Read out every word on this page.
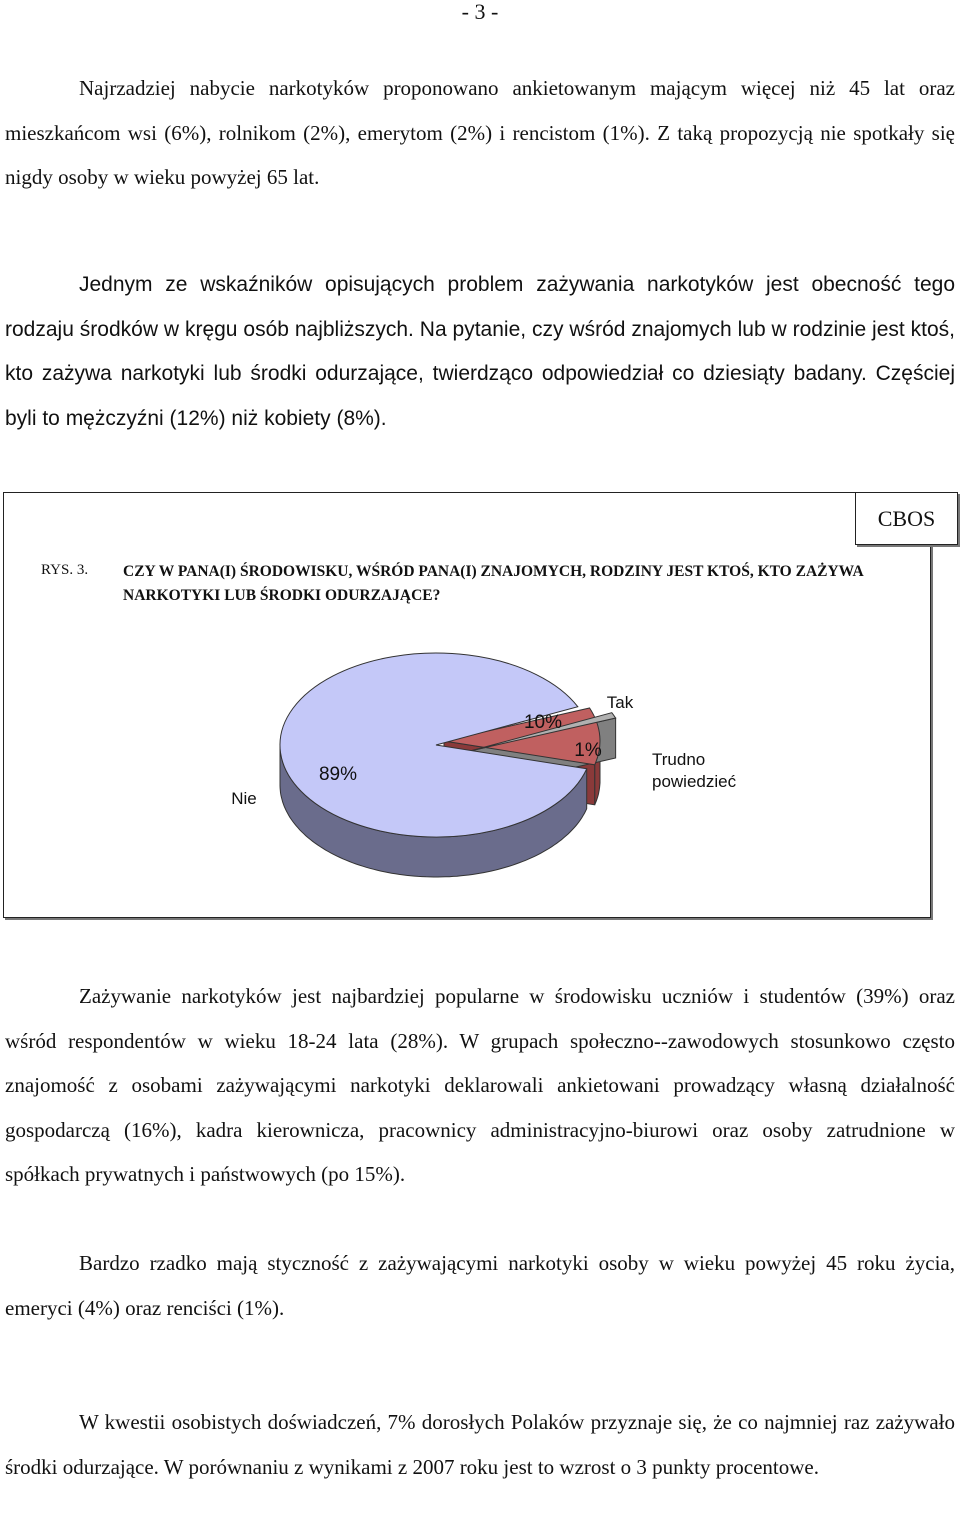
- 3 -

Najrzadziej nabycie narkotyków proponowano ankietowanym mającym więcej niż 45 lat oraz mieszkańcom wsi (6%), rolnikom (2%), emerytom (2%) i rencistom (1%). Z taką propozycją nie spotkały się nigdy osoby w wieku powyżej 65 lat.

Jednym ze wskaźników opisujących problem zażywania narkotyków jest obecność tego rodzaju środków w kręgu osób najbliższych. Na pytanie, czy wśród znajomych lub w rodzinie jest ktoś, kto zażywa narkotyki lub środki odurzające, twierdząco odpowiedział co dziesiąty badany. Częściej byli to mężczyźni (12%) niż kobiety (8%).

CBOS
RYS. 3. CZY W PANA(I) ŚRODOWISKU, WŚRÓD PANA(I) ZNAJOMYCH, RODZINY JEST KTOŚ, KTO ZAŻYWA NARKOTYKI LUB ŚRODKI ODURZAJĄCE?

10%
Tak
1%	Trudno powiedzieć
89%
Nie

Zażywanie narkotyków jest najbardziej popularne w środowisku uczniów i studentów (39%) oraz wśród respondentów w wieku 18-24 lata (28%). W grupach społeczno--zawodowych stosunkowo często znajomość z osobami zażywającymi narkotyki deklarowali ankietowani prowadzący własną działalność gospodarczą (16%), kadra kierownicza, pracownicy administracyjno-biurowi oraz osoby zatrudnione w spółkach prywatnych i państwowych (po 15%).

Bardzo rzadko mają styczność z zażywającymi narkotyki osoby w wieku powyżej 45 roku życia, emeryci (4%) oraz renciści (1%).

W kwestii osobistych doświadczeń, 7% dorosłych Polaków przyznaje się, że co najmniej raz zażywało środki odurzające. W porównaniu z wynikami z 2007 roku jest to wzrost o 3 punkty procentowe.
